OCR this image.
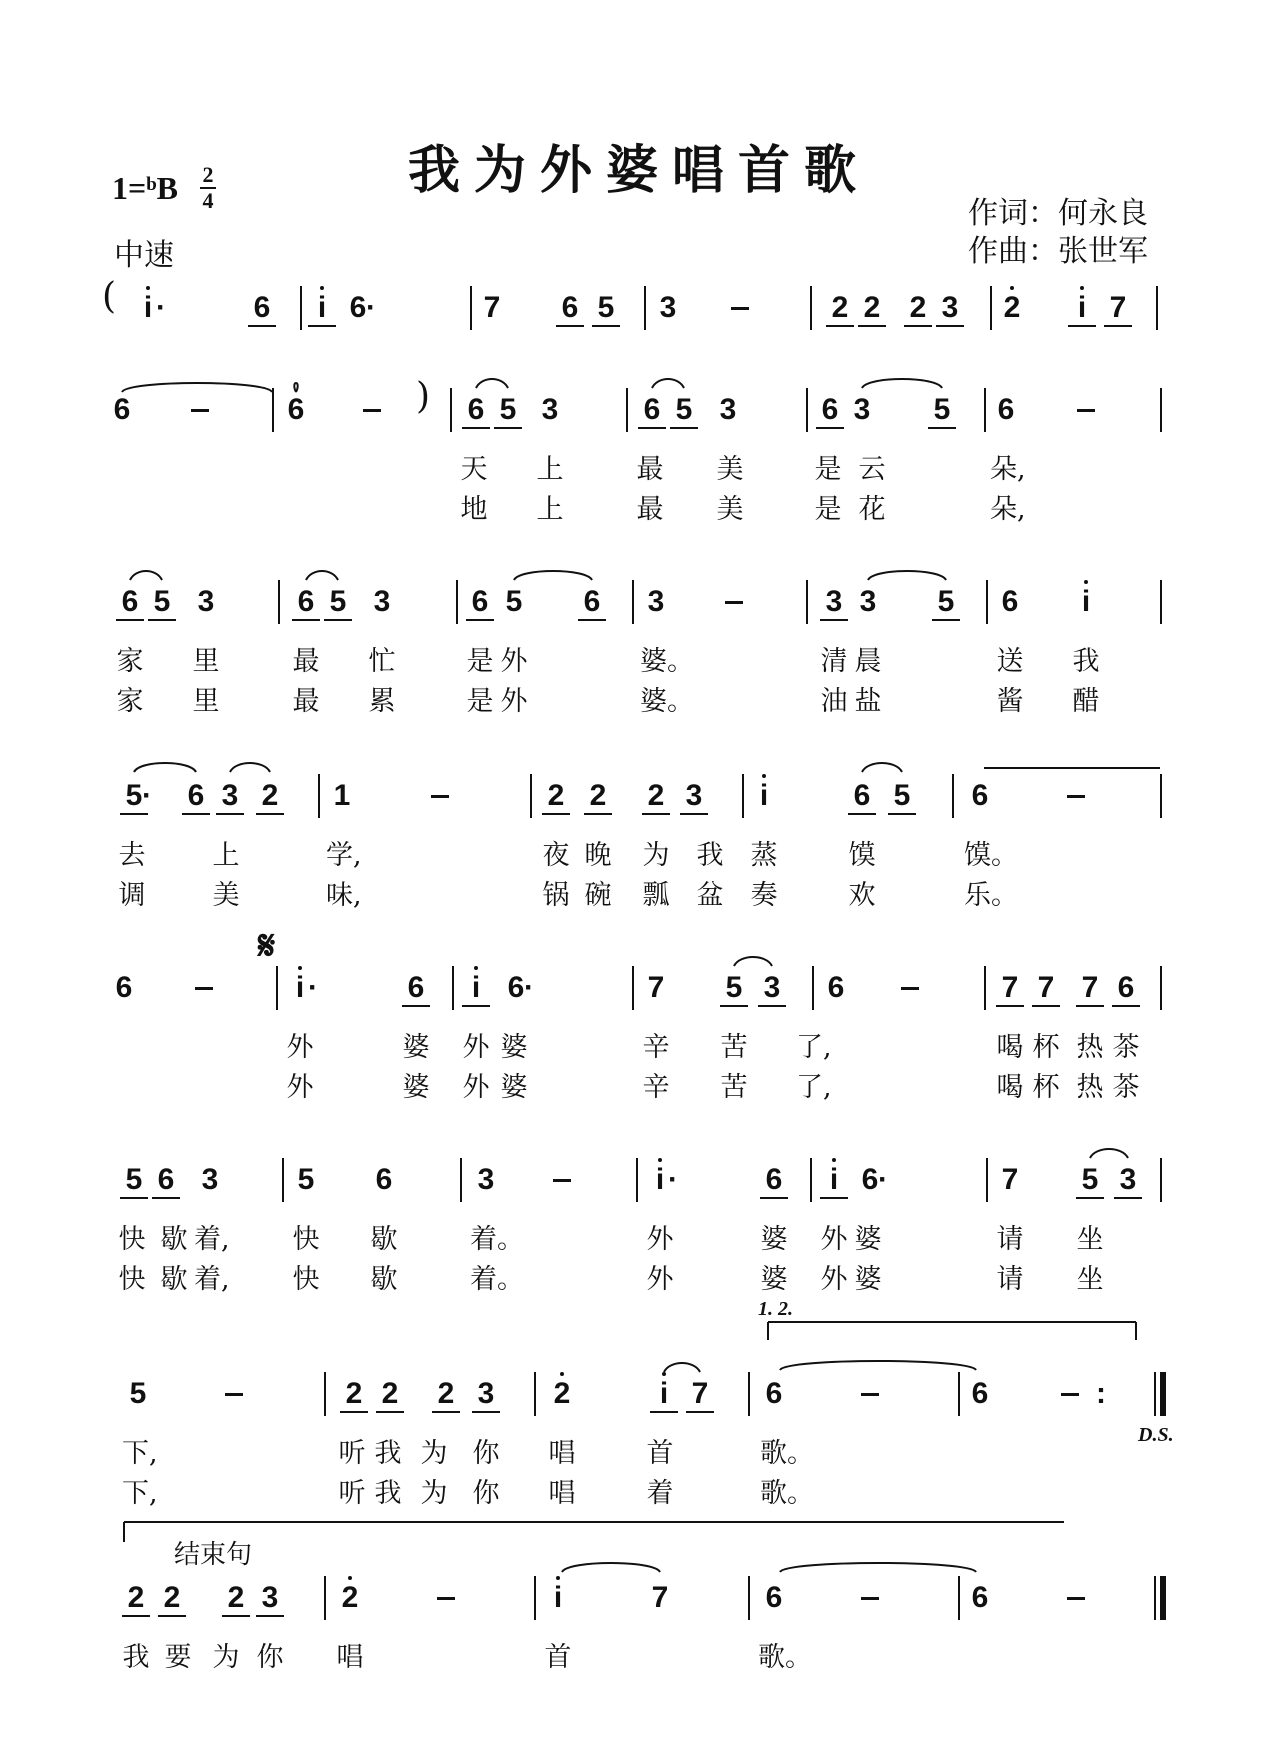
我为外婆唱首歌
1=ᵇB 2
4
中速
作词：何永良
作曲：张世军
(
)
𝄋
1. 2.
D.S.
结束句
i ·	6	i 6 ·	7 6 5 3	2 2 2 3 2	i 7
6	6	6 5 3	6 5 3	6 3 5 6
天 上	最 美	是 云	朵,
地 上	最 美	是 花	朵,
6 5 3	6 5 3	6 5 6 3	3 3 5 6	i
家 里	最 忙	是 外	婆。	清 晨	送 我
家 里	最 累	是 外	婆。	油 盐	酱 醋
5 · 6 3 2 1	2 2 2 3	i	6 5 6
去 上	学,	夜 晚 为 我 蒸	馍	馍。
调 美	味,	锅 碗 瓢 盆 奏	欢	乐。
6	i ·	6	i 6 ·	7 5 3 6	7 7 7 6
外	婆 外 婆	辛 苦 了,	喝 杯 热 茶
外	婆 外 婆	辛 苦 了,	喝 杯 热 茶
5 6 3	5 6	3	i ·	6	i 6 ·	7 5 3
快 歇 着, 快 歇	着。	外	婆 外 婆	请 坐
快 歇 着, 快 歇	着。	外	婆 外 婆	请 坐
5	2 2 2 3 2	i 7 6	6	:
下,	听 我 为 你 唱	首	歌。
下,	听 我 为 你 唱	着	歌。
2 2 2 3 2	i	7	6	6
我 要 为 你 唱	首	歌。
